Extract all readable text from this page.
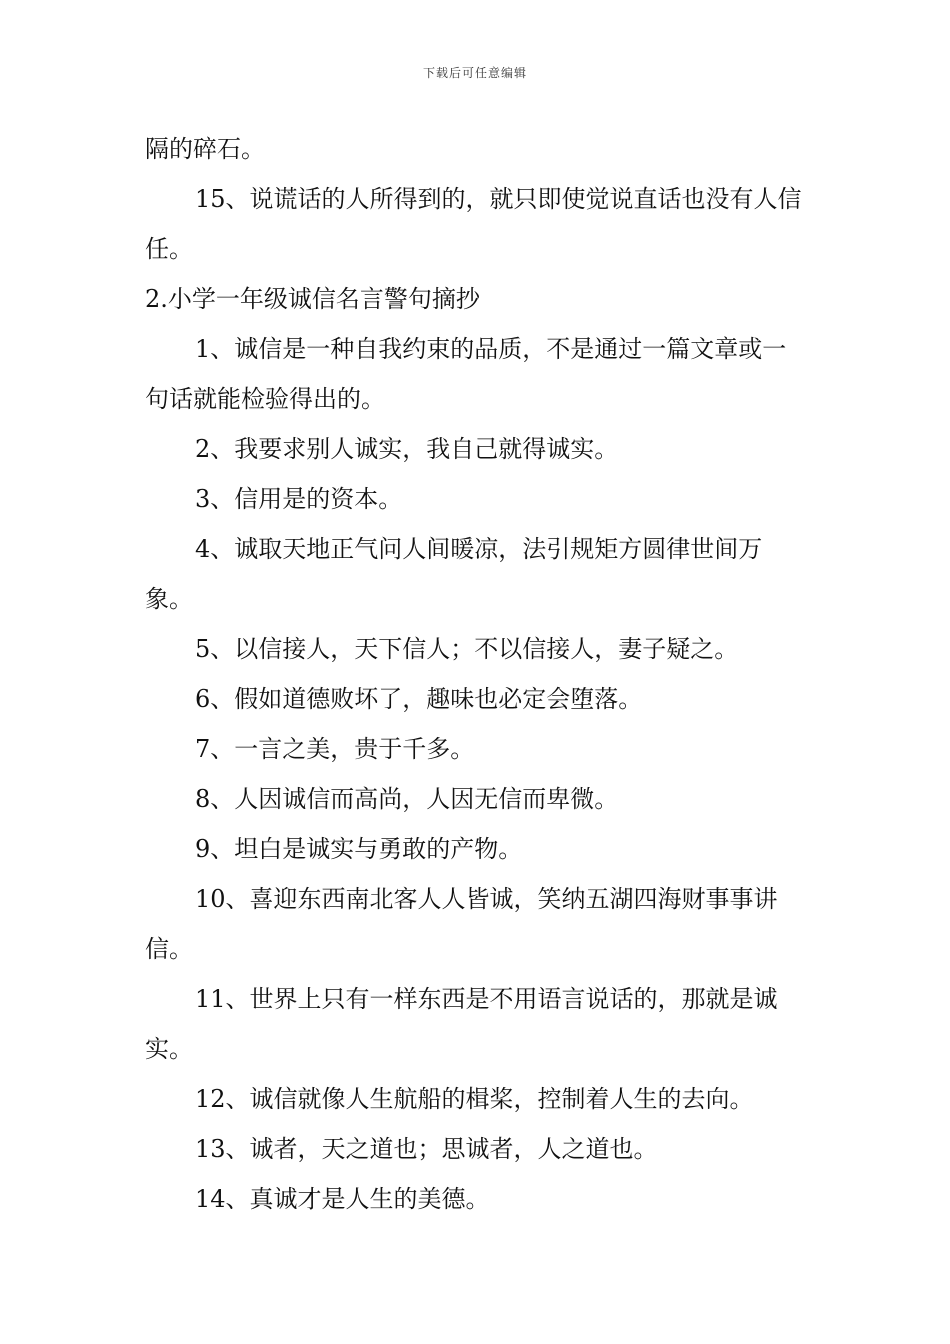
下载后可任意编辑

隔的碎石。

15、说谎话的人所得到的，就只即使觉说直话也没有人信任。

2.小学一年级诚信名言警句摘抄

1、诚信是一种自我约束的品质，不是通过一篇文章或一句话就能检验得出的。

2、我要求别人诚实，我自己就得诚实。

3、信用是的资本。

4、诚取天地正气问人间暖凉，法引规矩方圆律世间万象。

5、以信接人，天下信人；不以信接人，妻子疑之。

6、假如道德败坏了，趣味也必定会堕落。

7、一言之美，贵于千多。

8、人因诚信而高尚，人因无信而卑微。

9、坦白是诚实与勇敢的产物。

10、喜迎东西南北客人人皆诚，笑纳五湖四海财事事讲信。

11、世界上只有一样东西是不用语言说话的，那就是诚实。

12、诚信就像人生航船的楫桨，控制着人生的去向。

13、诚者，天之道也；思诚者，人之道也。

14、真诚才是人生的美德。
